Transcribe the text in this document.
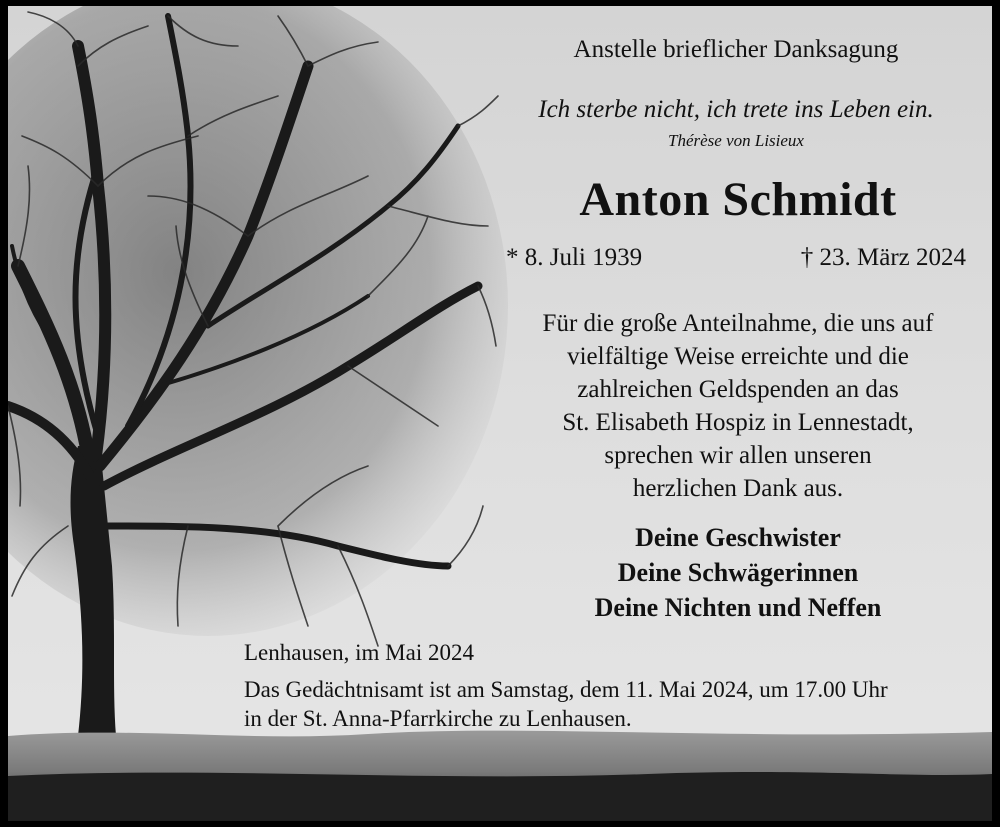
Anstelle brieflicher Danksagung
Ich sterbe nicht, ich trete ins Leben ein.
Thérèse von Lisieux
Anton Schmidt
* 8. Juli 1939	† 23. März 2024
Für die große Anteilnahme, die uns auf
vielfältige Weise erreichte und die
zahlreichen Geldspenden an das
St. Elisabeth Hospiz in Lennestadt,
sprechen wir allen unseren
herzlichen Dank aus.
Deine Geschwister
Deine Schwägerinnen
Deine Nichten und Neffen
Lenhausen, im Mai 2024
Das Gedächtnisamt ist am Samstag, dem 11. Mai 2024, um 17.00 Uhr
in der St. Anna-Pfarrkirche zu Lenhausen.
